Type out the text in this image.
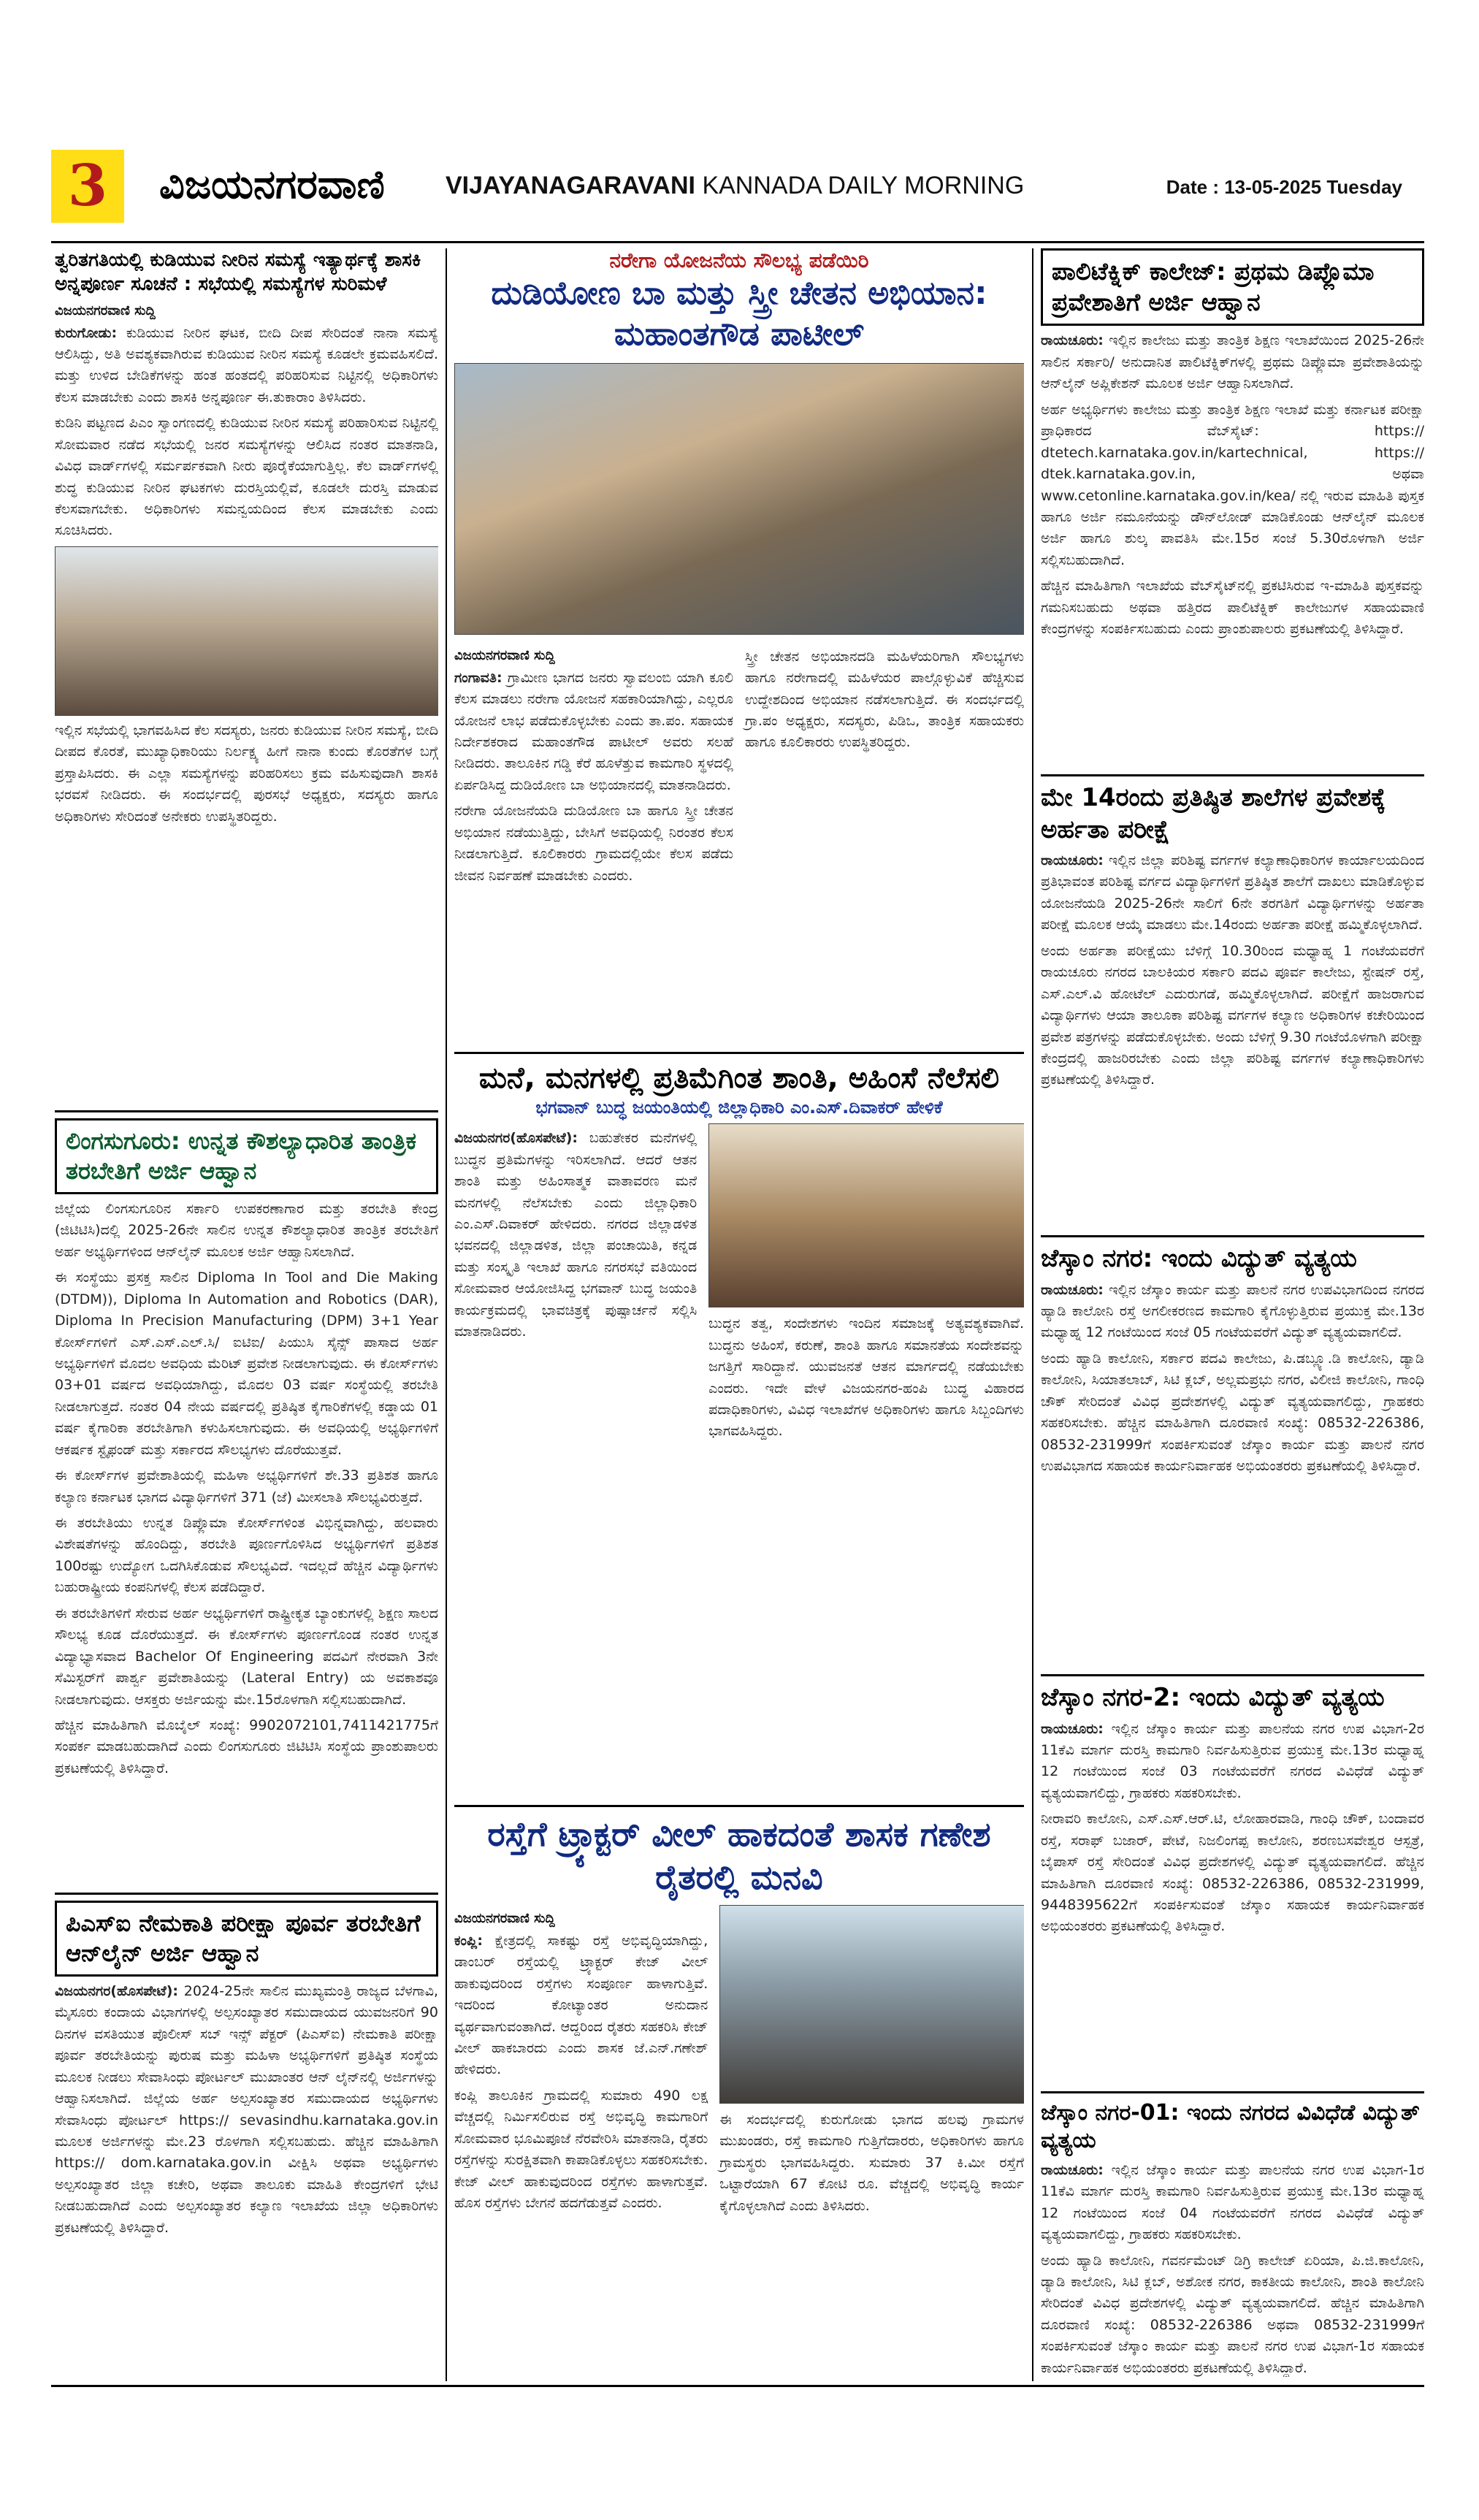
3	ವಿಜಯನಗರವಾಣಿ VIJAYANAGARAVANI KANNADA DAILY MORNING	Date : 13-05-2025 Tuesday
ತ್ವರಿತಗತಿಯಲ್ಲಿ ಕುಡಿಯುವ ನೀರಿನ ಸಮಸ್ಯೆ ಇತ್ಯಾರ್ಥಕ್ಕೆ ಶಾಸಕಿ ಅನ್ನಪೂರ್ಣ ಸೂಚನೆ : ಸಭೆಯಲ್ಲಿ ಸಮಸ್ಯೆಗಳ ಸುರಿಮಳೆ
ವಿಜಯನಗರವಾಣಿ ಸುದ್ದಿ

ಕುರುಗೋಡು: ಕುಡಿಯುವ ನೀರಿನ ಘಟಕ, ಬೀದಿ ದೀಪ ಸೇರಿದಂತೆ ನಾನಾ ಸಮಸ್ಯೆ ಆಲಿಸಿದ್ದು, ಅತಿ ಅವಶ್ಯಕವಾಗಿರುವ ಕುಡಿಯುವ ನೀರಿನ ಸಮಸ್ಯೆ ಕೂಡಲೇ ಕ್ರಮವಹಿಸಲಿದೆ. ಮತ್ತು ಉಳಿದ ಬೇಡಿಕೆಗಳನ್ನು ಹಂತ ಹಂತದಲ್ಲಿ ಪರಿಹರಿಸುವ ನಿಟ್ಟಿನಲ್ಲಿ ಅಧಿಕಾರಿಗಳು ಕೆಲಸ ಮಾಡಬೇಕು ಎಂದು ಶಾಸಕಿ ಅನ್ನಪೂರ್ಣ ಈ.ತುಕಾರಾಂ ತಿಳಿಸಿದರು.

ಕುಡಿನಿ ಪಟ್ಟಣದ ಪಿಎಂ ಸ್ವಾಂಗಣದಲ್ಲಿ ಕುಡಿಯುವ ನೀರಿನ ಸಮಸ್ಯೆ ಪರಿಹಾರಿಸುವ ನಿಟ್ಟಿನಲ್ಲಿ ಸೋಮವಾರ ನಡೆದ ಸಭೆಯಲ್ಲಿ ಜನರ ಸಮಸ್ಯೆಗಳನ್ನು ಆಲಿಸಿದ ನಂತರ ಮಾತನಾಡಿ, ವಿವಿಧ ವಾರ್ಡ್‌ಗಳಲ್ಲಿ ಸರ್ಮರ್ಪಕವಾಗಿ ನೀರು ಪೂರೈಕೆಯಾಗುತ್ತಿಲ್ಲ. ಕೆಲ ವಾರ್ಡ್‌ಗಳಲ್ಲಿ ಶುದ್ಧ ಕುಡಿಯುವ ನೀರಿನ ಘಟಕಗಳು ದುರಸ್ತಿಯಲ್ಲಿವೆ, ಕೂಡಲೇ ದುರಸ್ತಿ ಮಾಡುವ ಕೆಲಸವಾಗಬೇಕು. ಅಧಿಕಾರಿಗಳು ಸಮನ್ವಯದಿಂದ ಕೆಲಸ ಮಾಡಬೇಕು ಎಂದು ಸೂಚಿಸಿದರು.

ಇಲ್ಲಿನ ಸಭೆಯಲ್ಲಿ ಭಾಗವಹಿಸಿದ ಕೆಲ ಸದಸ್ಯರು, ಜನರು ಕುಡಿಯುವ ನೀರಿನ ಸಮಸ್ಯೆ, ಬೀದಿ ದೀಪದ ಕೊರತೆ, ಮುಖ್ಯಾಧಿಕಾರಿಯು ನಿರ್ಲಕ್ಷ್ಯ ಹೀಗೆ ನಾನಾ ಕುಂದು ಕೊರತೆಗಳ ಬಗ್ಗೆ ಪ್ರಸ್ತಾಪಿಸಿದರು. ಈ ಎಲ್ಲಾ ಸಮಸ್ಯೆಗಳನ್ನು ಪರಿಹರಿಸಲು ಕ್ರಮ ವಹಿಸುವುದಾಗಿ ಶಾಸಕಿ ಭರವಸೆ ನೀಡಿದರು. ಈ ಸಂದರ್ಭದಲ್ಲಿ ಪುರಸಭೆ ಅಧ್ಯಕ್ಷರು, ಸದಸ್ಯರು ಹಾಗೂ ಅಧಿಕಾರಿಗಳು ಸೇರಿದಂತೆ ಅನೇಕರು ಉಪಸ್ಥಿತರಿದ್ದರು.

ಲಿಂಗಸುಗೂರು: ಉನ್ನತ ಕೌಶಲ್ಯಾಧಾರಿತ ತಾಂತ್ರಿಕ ತರಬೇತಿಗೆ ಅರ್ಜಿ ಆಹ್ವಾನ

ಜಿಲ್ಲೆಯ ಲಿಂಗಸುಗೂರಿನ ಸರ್ಕಾರಿ ಉಪಕರಣಾಗಾರ ಮತ್ತು ತರಬೇತಿ ಕೇಂದ್ರ (ಜಿಟಿಟಿಸಿ)ದಲ್ಲಿ 2025-26ನೇ ಸಾಲಿನ ಉನ್ನತ ಕೌಶಲ್ಯಾಧಾರಿತ ತಾಂತ್ರಿಕ ತರಬೇತಿಗೆ ಅರ್ಹ ಅಭ್ಯರ್ಥಿಗಳಿಂದ ಆನ್‌ಲೈನ್ ಮೂಲಕ ಅರ್ಜಿ ಆಹ್ವಾನಿಸಲಾಗಿದೆ.

ಈ ಸಂಸ್ಥೆಯು ಪ್ರಸಕ್ತ ಸಾಲಿನ Diploma In Tool and Die Making (DTDM)), Diploma In Automation and Robotics (DAR), Diploma In Precision Manufacturing (DPM) 3+1 Year ಕೋರ್ಸ್‌ಗಳಿಗೆ ಎಸ್.ಎಸ್.ಎಲ್.ಸಿ/ ಐಟಿಐ/ ಪಿಯುಸಿ ಸೈನ್ಸ್ ಪಾಸಾದ ಅರ್ಹ ಅಭ್ಯರ್ಥಿಗಳಿಗೆ ಮೊದಲ ಅವಧಿಯ ಮೆರಿಟ್ ಪ್ರವೇಶ ನೀಡಲಾಗುವುದು. ಈ ಕೋರ್ಸ್‌ಗಳು 03+01 ವರ್ಷದ ಅವಧಿಯಾಗಿದ್ದು, ಮೊದಲ 03 ವರ್ಷ ಸಂಸ್ಥೆಯಲ್ಲಿ ತರಬೇತಿ ನೀಡಲಾಗುತ್ತದೆ. ನಂತರ 04 ನೇಯ ವರ್ಷದಲ್ಲಿ ಪ್ರತಿಷ್ಠಿತ ಕೈಗಾರಿಕೆಗಳಲ್ಲಿ ಕಡ್ಡಾಯ 01 ವರ್ಷ ಕೈಗಾರಿಕಾ ತರಬೇತಿಗಾಗಿ ಕಳುಹಿಸಲಾಗುವುದು. ಈ ಅವಧಿಯಲ್ಲಿ ಅಭ್ಯರ್ಥಿಗಳಿಗೆ ಆಕರ್ಷಕ ಸ್ಟೈಫಂಡ್ ಮತ್ತು ಸರ್ಕಾರದ ಸೌಲಭ್ಯಗಳು ದೊರೆಯುತ್ತವೆ.

ಈ ಕೋರ್ಸ್‌ಗಳ ಪ್ರವೇಶಾತಿಯಲ್ಲಿ ಮಹಿಳಾ ಅಭ್ಯರ್ಥಿಗಳಿಗೆ ಶೇ.33 ಪ್ರತಿಶತ ಹಾಗೂ ಕಲ್ಯಾಣ ಕರ್ನಾಟಕ ಭಾಗದ ವಿದ್ಯಾರ್ಥಿಗಳಿಗೆ 371 (ಜೆ) ಮೀಸಲಾತಿ ಸೌಲಭ್ಯವಿರುತ್ತದೆ.

ಈ ತರಬೇತಿಯು ಉನ್ನತ ಡಿಪ್ಲೊಮಾ ಕೋರ್ಸ್‌ಗಳಿಂತ ವಿಭಿನ್ನವಾಗಿದ್ದು, ಹಲವಾರು ವಿಶೇಷತೆಗಳನ್ನು ಹೊಂದಿದ್ದು, ತರಬೇತಿ ಪೂರ್ಣಗೊಳಿಸಿದ ಅಭ್ಯರ್ಥಿಗಳಿಗೆ ಪ್ರತಿಶತ 100ರಷ್ಟು ಉದ್ಯೋಗ ಒದಗಿಸಿಕೊಡುವ ಸೌಲಭ್ಯವಿದೆ. ಇದಲ್ಲದೆ ಹೆಚ್ಚಿನ ವಿದ್ಯಾರ್ಥಿಗಳು ಬಹುರಾಷ್ಟ್ರೀಯ ಕಂಪನಿಗಳಲ್ಲಿ ಕೆಲಸ ಪಡೆದಿದ್ದಾರೆ.

ಈ ತರಬೇತಿಗಳಿಗೆ ಸೇರುವ ಅರ್ಹ ಅಭ್ಯರ್ಥಿಗಳಿಗೆ ರಾಷ್ಟ್ರೀಕೃತ ಬ್ಯಾಂಕುಗಳಲ್ಲಿ ಶಿಕ್ಷಣ ಸಾಲದ ಸೌಲಭ್ಯ ಕೂಡ ದೊರೆಯುತ್ತದೆ. ಈ ಕೋರ್ಸ್‌ಗಳು ಪೂರ್ಣಗೊಂಡ ನಂತರ ಉನ್ನತ ವಿದ್ಯಾಭ್ಯಾಸವಾದ Bachelor Of Engineering ಪದವಿಗೆ ನೇರವಾಗಿ 3ನೇ ಸೆಮಿಸ್ಟರ್‌ಗೆ ಪಾರ್ಶ್ವ ಪ್ರವೇಶಾತಿಯನ್ನು (Lateral Entry) ಯ ಅವಕಾಶವೂ ನೀಡಲಾಗುವುದು. ಆಸಕ್ತರು ಅರ್ಜಿಯನ್ನು ಮೇ.15ರೊಳಗಾಗಿ ಸಲ್ಲಿಸಬಹುದಾಗಿದೆ.

ಹೆಚ್ಚಿನ ಮಾಹಿತಿಗಾಗಿ ಮೊಬೈಲ್ ಸಂಖ್ಯೆ: 9902072101,7411421775ಗೆ ಸಂಪರ್ಕ ಮಾಡಬಹುದಾಗಿದೆ ಎಂದು ಲಿಂಗಸುಗೂರು ಜಿಟಿಟಿಸಿ ಸಂಸ್ಥೆಯ ಪ್ರಾಂಶುಪಾಲರು ಪ್ರಕಟಣೆಯಲ್ಲಿ ತಿಳಿಸಿದ್ದಾರೆ.

ಪಿಎಸ್‌ಐ ನೇಮಕಾತಿ ಪರೀಕ್ಷಾ ಪೂರ್ವ ತರಬೇತಿಗೆ ಆನ್‌ಲೈನ್ ಅರ್ಜಿ ಆಹ್ವಾನ

ವಿಜಯನಗರ(ಹೊಸಪೇಟೆ): 2024-25ನೇ ಸಾಲಿನ ಮುಖ್ಯಮಂತ್ರಿ ರಾಜ್ಯದ ಬೆಳಗಾವಿ, ಮೈಸೂರು ಕಂದಾಯ ವಿಭಾಗಗಳಲ್ಲಿ ಅಲ್ಪಸಂಖ್ಯಾತರ ಸಮುದಾಯದ ಯುವಜನರಿಗೆ 90 ದಿನಗಳ ವಸತಿಯುತ ಪೊಲೀಸ್ ಸಬ್ ಇನ್ಸ್ ಪೆಕ್ಟರ್ (ಪಿಎಸ್‌ಐ) ನೇಮಕಾತಿ ಪರೀಕ್ಷಾ ಪೂರ್ವ ತರಬೇತಿಯನ್ನು ಪುರುಷ ಮತ್ತು ಮಹಿಳಾ ಅಭ್ಯರ್ಥಿಗಳಿಗೆ ಪ್ರತಿಷ್ಠಿತ ಸಂಸ್ಥೆಯ ಮೂಲಕ ನೀಡಲು ಸೇವಾಸಿಂಧು ಪೋರ್ಟಲ್ ಮುಖಾಂತರ ಆನ್ ಲೈನ್‌ನಲ್ಲಿ ಅರ್ಜಿಗಳನ್ನು ಆಹ್ವಾನಿಸಲಾಗಿದೆ. ಜಿಲ್ಲೆಯ ಅರ್ಹ ಅಲ್ಪಸಂಖ್ಯಾತರ ಸಮುದಾಯದ ಅಭ್ಯರ್ಥಿಗಳು ಸೇವಾಸಿಂಧು ಪೋರ್ಟಲ್ https:// sevasindhu.karnataka.gov.in ಮೂಲಕ ಅರ್ಜಿಗಳನ್ನು ಮೇ.23 ರೊಳಗಾಗಿ ಸಲ್ಲಿಸಬಹುದು. ಹೆಚ್ಚಿನ ಮಾಹಿತಿಗಾಗಿ https:// dom.karnataka.gov.in ವೀಕ್ಷಿಸಿ ಅಥವಾ ಅಭ್ಯರ್ಥಿಗಳು ಅಲ್ಪಸಂಖ್ಯಾತರ ಜಿಲ್ಲಾ ಕಚೇರಿ, ಅಥವಾ ತಾಲೂಕು ಮಾಹಿತಿ ಕೇಂದ್ರಗಳಿಗೆ ಭೇಟಿ ನೀಡಬಹುದಾಗಿದೆ ಎಂದು ಅಲ್ಪಸಂಖ್ಯಾತರ ಕಲ್ಯಾಣ ಇಲಾಖೆಯ ಜಿಲ್ಲಾ ಅಧಿಕಾರಿಗಳು ಪ್ರಕಟಣೆಯಲ್ಲಿ ತಿಳಿಸಿದ್ದಾರೆ.

ನರೇಗಾ ಯೋಜನೆಯ ಸೌಲಭ್ಯ ಪಡೆಯಿರಿ

ದುಡಿಯೋಣ ಬಾ ಮತ್ತು ಸ್ತ್ರೀ ಚೇತನ ಅಭಿಯಾನ: ಮಹಾಂತಗೌಡ ಪಾಟೀಲ್
ವಿಜಯನಗರವಾಣಿ ಸುದ್ದಿ

ಗಂಗಾವತಿ: ಗ್ರಾಮೀಣ ಭಾಗದ ಜನರು ಸ್ವಾವಲಂಬಿ ಯಾಗಿ ಕೂಲಿ ಕೆಲಸ ಮಾಡಲು ನರೇಗಾ ಯೋಜನೆ ಸಹಕಾರಿಯಾಗಿದ್ದು, ಎಲ್ಲರೂ ಯೋಜನೆ ಲಾಭ ಪಡೆದುಕೊಳ್ಳಬೇಕು ಎಂದು ತಾ.ಪಂ. ಸಹಾಯಕ ನಿರ್ದೇಶಕರಾದ ಮಹಾಂತಗೌಡ ಪಾಟೀಲ್ ಅವರು ಸಲಹೆ ನೀಡಿದರು. ತಾಲೂಕಿನ ಗಡ್ಡಿ ಕೆರೆ ಹೂಳೆತ್ತುವ ಕಾಮಗಾರಿ ಸ್ಥಳದಲ್ಲಿ ಏರ್ಪಡಿಸಿದ್ದ ದುಡಿಯೋಣ ಬಾ ಅಭಿಯಾನದಲ್ಲಿ ಮಾತನಾಡಿದರು.

ನರೇಗಾ ಯೋಜನೆಯಡಿ ದುಡಿಯೋಣ ಬಾ ಹಾಗೂ ಸ್ತ್ರೀ ಚೇತನ ಅಭಿಯಾನ ನಡೆಯುತ್ತಿದ್ದು, ಬೇಸಿಗೆ ಅವಧಿಯಲ್ಲಿ ನಿರಂತರ ಕೆಲಸ ನೀಡಲಾಗುತ್ತಿದೆ. ಕೂಲಿಕಾರರು ಗ್ರಾಮದಲ್ಲಿಯೇ ಕೆಲಸ ಪಡೆದು ಜೀವನ ನಿರ್ವಹಣೆ ಮಾಡಬೇಕು ಎಂದರು.

ಸ್ತ್ರೀ ಚೇತನ ಅಭಿಯಾನದಡಿ ಮಹಿಳೆಯರಿಗಾಗಿ ಸೌಲಭ್ಯಗಳು ಹಾಗೂ ನರೇಗಾದಲ್ಲಿ ಮಹಿಳೆಯರ ಪಾಲ್ಗೊಳ್ಳುವಿಕೆ ಹೆಚ್ಚಿಸುವ ಉದ್ದೇಶದಿಂದ ಅಭಿಯಾನ ನಡೆಸಲಾಗುತ್ತಿದೆ. ಈ ಸಂದರ್ಭದಲ್ಲಿ ಗ್ರಾ.ಪಂ ಅಧ್ಯಕ್ಷರು, ಸದಸ್ಯರು, ಪಿಡಿಒ, ತಾಂತ್ರಿಕ ಸಹಾಯಕರು ಹಾಗೂ ಕೂಲಿಕಾರರು ಉಪಸ್ಥಿತರಿದ್ದರು.

ಮನೆ, ಮನಗಳಲ್ಲಿ ಪ್ರತಿಮೆಗಿಂತ ಶಾಂತಿ, ಅಹಿಂಸೆ ನೆಲೆಸಲಿ

ಭಗವಾನ್ ಬುದ್ಧ ಜಯಂತಿಯಲ್ಲಿ ಜಿಲ್ಲಾಧಿಕಾರಿ ಎಂ.ಎಸ್.ದಿವಾಕರ್ ಹೇಳಿಕೆ

ವಿಜಯನಗರ(ಹೊಸಪೇಟೆ): ಬಹುತೇಕರ ಮನೆಗಳಲ್ಲಿ ಬುದ್ಧನ ಪ್ರತಿಮೆಗಳನ್ನು ಇರಿಸಲಾಗಿದೆ. ಆದರೆ ಆತನ ಶಾಂತಿ ಮತ್ತು ಅಹಿಂಸಾತ್ಮಕ ವಾತಾವರಣ ಮನೆ ಮನಗಳಲ್ಲಿ ನೆಲೆಸಬೇಕು ಎಂದು ಜಿಲ್ಲಾಧಿಕಾರಿ ಎಂ.ಎಸ್.ದಿವಾಕರ್ ಹೇಳಿದರು. ನಗರದ ಜಿಲ್ಲಾಡಳಿತ ಭವನದಲ್ಲಿ ಜಿಲ್ಲಾಡಳಿತ, ಜಿಲ್ಲಾ ಪಂಚಾಯಿತಿ, ಕನ್ನಡ ಮತ್ತು ಸಂಸ್ಕೃತಿ ಇಲಾಖೆ ಹಾಗೂ ನಗರಸಭೆ ವತಿಯಿಂದ ಸೋಮವಾರ ಆಯೋಜಿಸಿದ್ದ ಭಗವಾನ್ ಬುದ್ಧ ಜಯಂತಿ ಕಾರ್ಯಕ್ರಮದಲ್ಲಿ ಭಾವಚಿತ್ರಕ್ಕೆ ಪುಷ್ಪಾರ್ಚನೆ ಸಲ್ಲಿಸಿ ಮಾತನಾಡಿದರು.	ಬುದ್ಧನ ತತ್ವ, ಸಂದೇಶಗಳು ಇಂದಿನ ಸಮಾಜಕ್ಕೆ ಅತ್ಯವಶ್ಯಕವಾಗಿವೆ. ಬುದ್ಧನು ಅಹಿಂಸೆ, ಕರುಣೆ, ಶಾಂತಿ ಹಾಗೂ ಸಮಾನತೆಯ ಸಂದೇಶವನ್ನು ಜಗತ್ತಿಗೆ ಸಾರಿದ್ದಾನೆ. ಯುವಜನತೆ ಆತನ ಮಾರ್ಗದಲ್ಲಿ ನಡೆಯಬೇಕು ಎಂದರು. ಇದೇ ವೇಳೆ ವಿಜಯನಗರ-ಹಂಪಿ ಬುದ್ಧ ವಿಹಾರದ ಪದಾಧಿಕಾರಿಗಳು, ವಿವಿಧ ಇಲಾಖೆಗಳ ಅಧಿಕಾರಿಗಳು ಹಾಗೂ ಸಿಬ್ಬಂದಿಗಳು ಭಾಗವಹಿಸಿದ್ದರು.

ರಸ್ತೆಗೆ ಟ್ರ್ಯಾಕ್ಟರ್ ವೀಲ್ ಹಾಕದಂತೆ ಶಾಸಕ ಗಣೇಶ ರೈತರಲ್ಲಿ ಮನವಿ
ವಿಜಯನಗರವಾಣಿ ಸುದ್ದಿ

ಕಂಪ್ಲಿ: ಕ್ಷೇತ್ರದಲ್ಲಿ ಸಾಕಷ್ಟು ರಸ್ತೆ ಅಭಿವೃದ್ಧಿಯಾಗಿದ್ದು, ಡಾಂಬರ್ ರಸ್ತೆಯಲ್ಲಿ ಟ್ರ್ಯಾಕ್ಟರ್ ಕೇಜ್ ವೀಲ್ ಹಾಕುವುದರಿಂದ ರಸ್ತೆಗಳು ಸಂಪೂರ್ಣ ಹಾಳಾಗುತ್ತಿವೆ. ಇದರಿಂದ ಕೋಟ್ಯಾಂತರ ಅನುದಾನ ವ್ಯರ್ಥವಾಗುವಂತಾಗಿದೆ. ಆದ್ದರಿಂದ ರೈತರು ಸಹಕರಿಸಿ ಕೇಜ್ ವೀಲ್ ಹಾಕಬಾರದು ಎಂದು ಶಾಸಕ ಜೆ.ಎನ್.ಗಣೇಶ್ ಹೇಳಿದರು.

ಕಂಪ್ಲಿ ತಾಲೂಕಿನ ಗ್ರಾಮದಲ್ಲಿ ಸುಮಾರು 490 ಲಕ್ಷ ವೆಚ್ಚದಲ್ಲಿ ನಿರ್ಮಿಸಲಿರುವ ರಸ್ತೆ ಅಭಿವೃದ್ಧಿ ಕಾಮಗಾರಿಗೆ ಸೋಮವಾರ ಭೂಮಿಪೂಜೆ ನೆರವೇರಿಸಿ ಮಾತನಾಡಿ, ರೈತರು ರಸ್ತೆಗಳನ್ನು ಸುರಕ್ಷಿತವಾಗಿ ಕಾಪಾಡಿಕೊಳ್ಳಲು ಸಹಕರಿಸಬೇಕು. ಕೇಜ್ ವೀಲ್ ಹಾಕುವುದರಿಂದ ರಸ್ತೆಗಳು ಹಾಳಾಗುತ್ತವೆ. ಹೊಸ ರಸ್ತೆಗಳು ಬೇಗನೆ ಹದಗೆಡುತ್ತವೆ ಎಂದರು.

ಈ ಸಂದರ್ಭದಲ್ಲಿ ಕುರುಗೋಡು ಭಾಗದ ಹಲವು ಗ್ರಾಮಗಳ ಮುಖಂಡರು, ರಸ್ತೆ ಕಾಮಗಾರಿ ಗುತ್ತಿಗೆದಾರರು, ಅಧಿಕಾರಿಗಳು ಹಾಗೂ ಗ್ರಾಮಸ್ಥರು ಭಾಗವಹಿಸಿದ್ದರು. ಸುಮಾರು 37 ಕಿ.ಮೀ ರಸ್ತೆಗೆ ಒಟ್ಟಾರೆಯಾಗಿ 67 ಕೋಟಿ ರೂ. ವೆಚ್ಚದಲ್ಲಿ ಅಭಿವೃದ್ಧಿ ಕಾರ್ಯ ಕೈಗೊಳ್ಳಲಾಗಿದೆ ಎಂದು ತಿಳಿಸಿದರು.

ಪಾಲಿಟೆಕ್ನಿಕ್ ಕಾಲೇಜ್: ಪ್ರಥಮ ಡಿಪ್ಲೊಮಾ ಪ್ರವೇಶಾತಿಗೆ ಅರ್ಜಿ ಆಹ್ವಾನ

ರಾಯಚೂರು: ಇಲ್ಲಿನ ಕಾಲೇಜು ಮತ್ತು ತಾಂತ್ರಿಕ ಶಿಕ್ಷಣ ಇಲಾಖೆಯಿಂದ 2025-26ನೇ ಸಾಲಿನ ಸರ್ಕಾರಿ/ ಅನುದಾನಿತ ಪಾಲಿಟೆಕ್ನಿಕ್‌ಗಳಲ್ಲಿ ಪ್ರಥಮ ಡಿಪ್ಲೊಮಾ ಪ್ರವೇಶಾತಿಯನ್ನು ಆನ್‌ಲೈನ್ ಅಪ್ಲಿಕೇಶನ್ ಮೂಲಕ ಅರ್ಜಿ ಆಹ್ವಾನಿಸಲಾಗಿದೆ.

ಅರ್ಹ ಅಭ್ಯರ್ಥಿಗಳು ಕಾಲೇಜು ಮತ್ತು ತಾಂತ್ರಿಕ ಶಿಕ್ಷಣ ಇಲಾಖೆ ಮತ್ತು ಕರ್ನಾಟಕ ಪರೀಕ್ಷಾ ಪ್ರಾಧಿಕಾರದ ವೆಬ್‌ಸೈಟ್: https:// dtetech.karnataka.gov.in/kartechnical, https:// dtek.karnataka.gov.in, ಅಥವಾ www.cetonline.karnataka.gov.in/kea/ ನಲ್ಲಿ ಇರುವ ಮಾಹಿತಿ ಪುಸ್ತಕ ಹಾಗೂ ಅರ್ಜಿ ನಮೂನೆಯನ್ನು ಡೌನ್‌ಲೋಡ್ ಮಾಡಿಕೊಂಡು ಆನ್‌ಲೈನ್ ಮೂಲಕ ಅರ್ಜಿ ಹಾಗೂ ಶುಲ್ಕ ಪಾವತಿಸಿ ಮೇ.15ರ ಸಂಜೆ 5.30ರೊಳಗಾಗಿ ಅರ್ಜಿ ಸಲ್ಲಿಸಬಹುದಾಗಿದೆ.

ಹೆಚ್ಚಿನ ಮಾಹಿತಿಗಾಗಿ ಇಲಾಖೆಯ ವೆಬ್‌ಸೈಟ್‌ನಲ್ಲಿ ಪ್ರಕಟಿಸಿರುವ ಇ-ಮಾಹಿತಿ ಪುಸ್ತಕವನ್ನು ಗಮನಿಸಬಹುದು ಅಥವಾ ಹತ್ತಿರದ ಪಾಲಿಟೆಕ್ನಿಕ್ ಕಾಲೇಜುಗಳ ಸಹಾಯವಾಣಿ ಕೇಂದ್ರಗಳನ್ನು ಸಂಪರ್ಕಿಸಬಹುದು ಎಂದು ಪ್ರಾಂಶುಪಾಲರು ಪ್ರಕಟಣೆಯಲ್ಲಿ ತಿಳಿಸಿದ್ದಾರೆ.

ಮೇ 14ರಂದು ಪ್ರತಿಷ್ಠಿತ ಶಾಲೆಗಳ ಪ್ರವೇಶಕ್ಕೆ ಅರ್ಹತಾ ಪರೀಕ್ಷೆ

ರಾಯಚೂರು: ಇಲ್ಲಿನ ಜಿಲ್ಲಾ ಪರಿಶಿಷ್ಟ ವರ್ಗಗಳ ಕಲ್ಯಾಣಾಧಿಕಾರಿಗಳ ಕಾರ್ಯಾಲಯದಿಂದ ಪ್ರತಿಭಾವಂತ ಪರಿಶಿಷ್ಟ ವರ್ಗದ ವಿದ್ಯಾರ್ಥಿಗಳಿಗೆ ಪ್ರತಿಷ್ಠಿತ ಶಾಲೆಗೆ ದಾಖಲು ಮಾಡಿಕೊಳ್ಳುವ ಯೋಜನೆಯಡಿ 2025-26ನೇ ಸಾಲಿಗೆ 6ನೇ ತರಗತಿಗೆ ವಿದ್ಯಾರ್ಥಿಗಳನ್ನು ಅರ್ಹತಾ ಪರೀಕ್ಷೆ ಮೂಲಕ ಆಯ್ಕೆ ಮಾಡಲು ಮೇ.14ರಂದು ಅರ್ಹತಾ ಪರೀಕ್ಷೆ ಹಮ್ಮಿಕೊಳ್ಳಲಾಗಿದೆ.

ಅಂದು ಅರ್ಹತಾ ಪರೀಕ್ಷೆಯು ಬೆಳಿಗ್ಗೆ 10.30ರಿಂದ ಮಧ್ಯಾಹ್ನ 1 ಗಂಟೆಯವರೆಗೆ ರಾಯಚೂರು ನಗರದ ಬಾಲಕಿಯರ ಸರ್ಕಾರಿ ಪದವಿ ಪೂರ್ವ ಕಾಲೇಜು, ಸ್ಟೇಷನ್ ರಸ್ತೆ, ಎಸ್.ಎಲ್.ವಿ ಹೋಟೆಲ್ ಎದುರುಗಡೆ, ಹಮ್ಮಿಕೊಳ್ಳಲಾಗಿದೆ. ಪರೀಕ್ಷೆಗೆ ಹಾಜರಾಗುವ ವಿದ್ಯಾರ್ಥಿಗಳು ಆಯಾ ತಾಲೂಕಾ ಪರಿಶಿಷ್ಟ ವರ್ಗಗಳ ಕಲ್ಯಾಣ ಅಧಿಕಾರಿಗಳ ಕಚೇರಿಯಿಂದ ಪ್ರವೇಶ ಪತ್ರಗಳನ್ನು ಪಡೆದುಕೊಳ್ಳಬೇಕು. ಅಂದು ಬೆಳಿಗ್ಗೆ 9.30 ಗಂಟೆಯೊಳಗಾಗಿ ಪರೀಕ್ಷಾ ಕೇಂದ್ರದಲ್ಲಿ ಹಾಜರಿರಬೇಕು ಎಂದು ಜಿಲ್ಲಾ ಪರಿಶಿಷ್ಟ ವರ್ಗಗಳ ಕಲ್ಯಾಣಾಧಿಕಾರಿಗಳು ಪ್ರಕಟಣೆಯಲ್ಲಿ ತಿಳಿಸಿದ್ದಾರೆ.

ಜೆಸ್ಕಾಂ ನಗರ: ಇಂದು ವಿದ್ಯುತ್ ವ್ಯತ್ಯಯ

ರಾಯಚೂರು: ಇಲ್ಲಿನ ಜೆಸ್ಕಾಂ ಕಾರ್ಯ ಮತ್ತು ಪಾಲನೆ ನಗರ ಉಪವಿಭಾಗದಿಂದ ನಗರದ ಹ್ಯಾಡಿ ಕಾಲೋನಿ ರಸ್ತೆ ಅಗಲೀಕರಣದ ಕಾಮಗಾರಿ ಕೈಗೊಳ್ಳುತ್ತಿರುವ ಪ್ರಯುಕ್ತ ಮೇ.13ರ ಮಧ್ಯಾಹ್ನ 12 ಗಂಟೆಯಿಂದ ಸಂಜೆ 05 ಗಂಟೆಯವರೆಗೆ ವಿದ್ಯುತ್ ವ್ಯತ್ಯಯವಾಗಲಿದೆ.

ಅಂದು ಹ್ಯಾಡಿ ಕಾಲೋನಿ, ಸರ್ಕಾರ ಪದವಿ ಕಾಲೇಜು, ಪಿ.ಡಬ್ಲ್ಯೂ.ಡಿ ಕಾಲೋನಿ, ಡ್ಯಾಡಿ ಕಾಲೋನಿ, ಸಿಯಾತಲಾಬ್, ಸಿಟಿ ಕ್ಲಬ್, ಅಲ್ಲಮಪ್ರಭು ನಗರ, ವಿಲೀಜಿ ಕಾಲೋನಿ, ಗಾಂಧಿ ಚೌಕ್ ಸೇರಿದಂತೆ ವಿವಿಧ ಪ್ರದೇಶಗಳಲ್ಲಿ ವಿದ್ಯುತ್ ವ್ಯತ್ಯಯವಾಗಲಿದ್ದು, ಗ್ರಾಹಕರು ಸಹಕರಿಸಬೇಕು. ಹೆಚ್ಚಿನ ಮಾಹಿತಿಗಾಗಿ ದೂರವಾಣಿ ಸಂಖ್ಯೆ: 08532-226386, 08532-231999ಗೆ ಸಂಪರ್ಕಿಸುವಂತೆ ಜೆಸ್ಕಾಂ ಕಾರ್ಯ ಮತ್ತು ಪಾಲನೆ ನಗರ ಉಪವಿಭಾಗದ ಸಹಾಯಕ ಕಾರ್ಯನಿರ್ವಾಹಕ ಅಭಿಯಂತರರು ಪ್ರಕಟಣೆಯಲ್ಲಿ ತಿಳಿಸಿದ್ದಾರೆ.

ಜೆಸ್ಕಾಂ ನಗರ-2: ಇಂದು ವಿದ್ಯುತ್ ವ್ಯತ್ಯಯ

ರಾಯಚೂರು: ಇಲ್ಲಿನ ಜೆಸ್ಕಾಂ ಕಾರ್ಯ ಮತ್ತು ಪಾಲನೆಯ ನಗರ ಉಪ ವಿಭಾಗ-2ರ 11ಕೆವಿ ಮಾರ್ಗ ದುರಸ್ತಿ ಕಾಮಗಾರಿ ನಿರ್ವಹಿಸುತ್ತಿರುವ ಪ್ರಯುಕ್ತ ಮೇ.13ರ ಮಧ್ಯಾಹ್ನ 12 ಗಂಟೆಯಿಂದ ಸಂಜೆ 03 ಗಂಟೆಯವರೆಗೆ ನಗರದ ವಿವಿಧೆಡೆ ವಿದ್ಯುತ್ ವ್ಯತ್ಯಯವಾಗಲಿದ್ದು, ಗ್ರಾಹಕರು ಸಹಕರಿಸಬೇಕು.

ನೀರಾವರಿ ಕಾಲೋನಿ, ಎಸ್.ಎಸ್.ಆರ್.ಟಿ, ಲೋಹಾರವಾಡಿ, ಗಾಂಧಿ ಚೌಕ್, ಬಂದಾವರ ರಸ್ತೆ, ಸರಾಫ್ ಬಜಾರ್, ಪೇಟೆ, ನಿಜಲಿಂಗಪ್ಪ ಕಾಲೋನಿ, ಶರಣಬಸವೇಶ್ವರ ಆಸ್ಪತ್ರೆ, ಬೈಪಾಸ್ ರಸ್ತೆ ಸೇರಿದಂತೆ ವಿವಿಧ ಪ್ರದೇಶಗಳಲ್ಲಿ ವಿದ್ಯುತ್ ವ್ಯತ್ಯಯವಾಗಲಿದೆ. ಹೆಚ್ಚಿನ ಮಾಹಿತಿಗಾಗಿ ದೂರವಾಣಿ ಸಂಖ್ಯೆ: 08532-226386, 08532-231999, 9448395622ಗೆ ಸಂಪರ್ಕಿಸುವಂತೆ ಜೆಸ್ಕಾಂ ಸಹಾಯಕ ಕಾರ್ಯನಿರ್ವಾಹಕ ಅಭಿಯಂತರರು ಪ್ರಕಟಣೆಯಲ್ಲಿ ತಿಳಿಸಿದ್ದಾರೆ.

ಜೆಸ್ಕಾಂ ನಗರ-01: ಇಂದು ನಗರದ ವಿವಿಧೆಡೆ ವಿದ್ಯುತ್ ವ್ಯತ್ಯಯ

ರಾಯಚೂರು: ಇಲ್ಲಿನ ಜೆಸ್ಕಾಂ ಕಾರ್ಯ ಮತ್ತು ಪಾಲನೆಯ ನಗರ ಉಪ ವಿಭಾಗ-1ರ 11ಕೆವಿ ಮಾರ್ಗ ದುರಸ್ತಿ ಕಾಮಗಾರಿ ನಿರ್ವಹಿಸುತ್ತಿರುವ ಪ್ರಯುಕ್ತ ಮೇ.13ರ ಮಧ್ಯಾಹ್ನ 12 ಗಂಟೆಯಿಂದ ಸಂಜೆ 04 ಗಂಟೆಯವರೆಗೆ ನಗರದ ವಿವಿಧೆಡೆ ವಿದ್ಯುತ್ ವ್ಯತ್ಯಯವಾಗಲಿದ್ದು, ಗ್ರಾಹಕರು ಸಹಕರಿಸಬೇಕು.

ಅಂದು ಹ್ಯಾಡಿ ಕಾಲೋನಿ, ಗವರ್ನಮೆಂಟ್ ಡಿಗ್ರಿ ಕಾಲೇಜ್ ಏರಿಯಾ, ಪಿ.ಜಿ.ಕಾಲೋನಿ, ಡ್ಯಾಡಿ ಕಾಲೋನಿ, ಸಿಟಿ ಕ್ಲಬ್, ಅಶೋಕ ನಗರ, ಕಾಕತೀಯ ಕಾಲೋನಿ, ಶಾಂತಿ ಕಾಲೋನಿ ಸೇರಿದಂತೆ ವಿವಿಧ ಪ್ರದೇಶಗಳಲ್ಲಿ ವಿದ್ಯುತ್ ವ್ಯತ್ಯಯವಾಗಲಿದೆ. ಹೆಚ್ಚಿನ ಮಾಹಿತಿಗಾಗಿ ದೂರವಾಣಿ ಸಂಖ್ಯೆ: 08532-226386 ಅಥವಾ 08532-231999ಗೆ ಸಂಪರ್ಕಿಸುವಂತೆ ಜೆಸ್ಕಾಂ ಕಾರ್ಯ ಮತ್ತು ಪಾಲನೆ ನಗರ ಉಪ ವಿಭಾಗ-1ರ ಸಹಾಯಕ ಕಾರ್ಯನಿರ್ವಾಹಕ ಅಭಿಯಂತರರು ಪ್ರಕಟಣೆಯಲ್ಲಿ ತಿಳಿಸಿದ್ದಾರೆ.
